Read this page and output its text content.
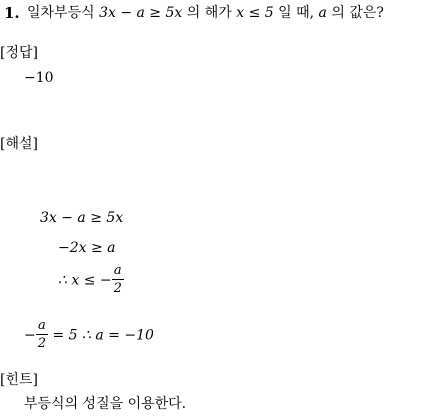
1. 일차부등식 3x − a ≥ 5x 의 해가 x ≤ 5 일 때, a 의 값은?
[정답]
−10
[해설]
3x − a ≥ 5x
−2x ≥ a
∴ x ≤ − $\frac{a}{2}$
− $\frac{a}{2} = 5$ ∴ a = −10
[힌트]
부등식의 성질을 이용한다.
